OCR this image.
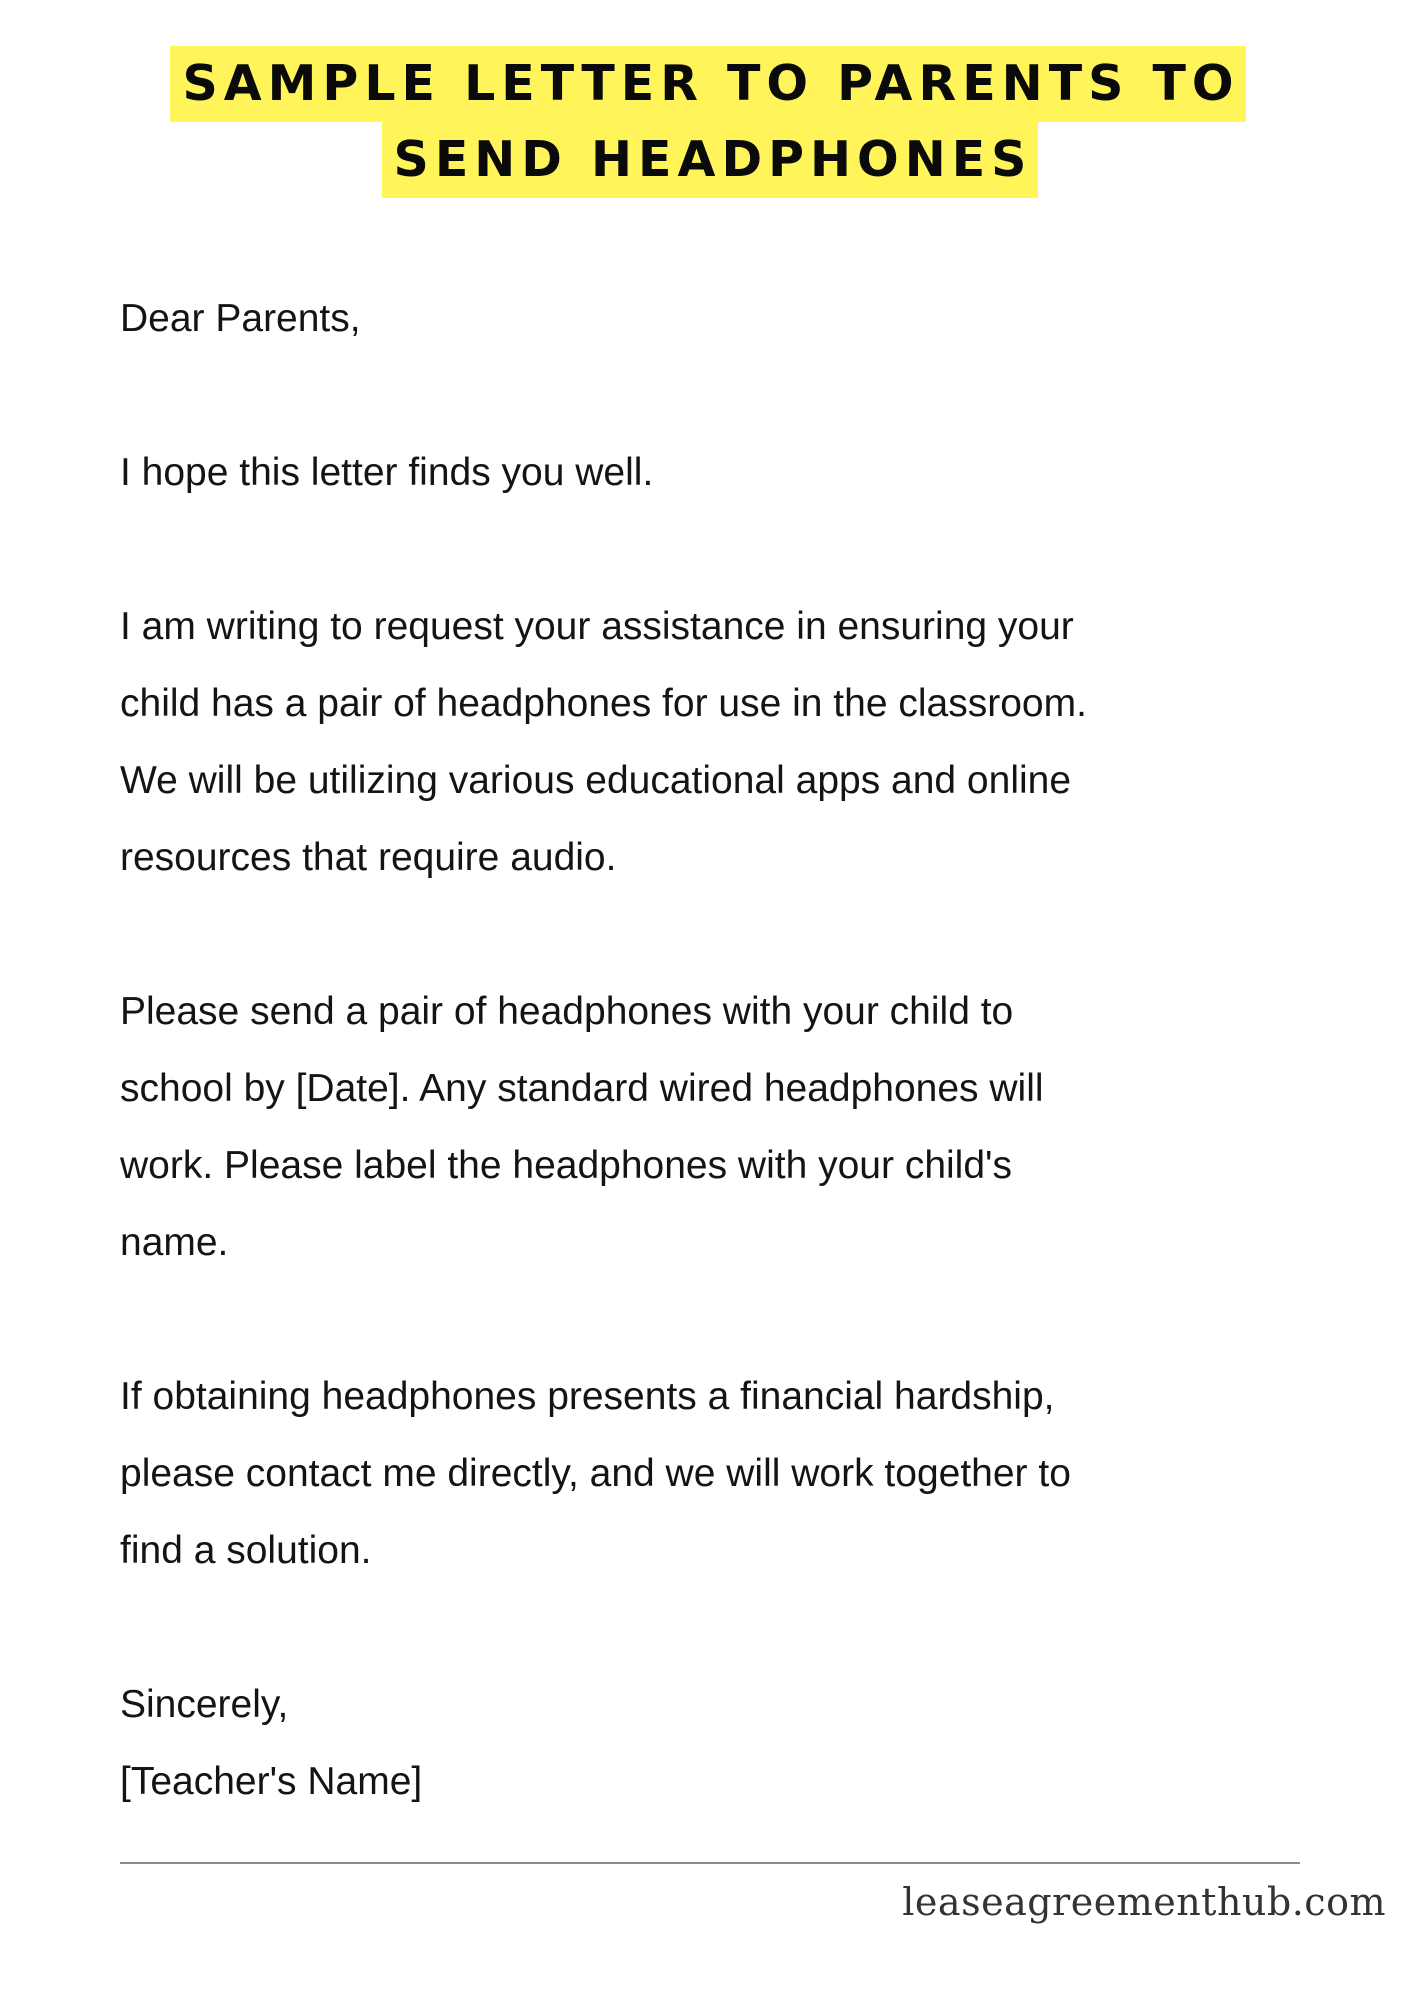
SAMPLE LETTER TO PARENTS TO
SEND HEADPHONES
Dear Parents,
I hope this letter finds you well.
I am writing to request your assistance in ensuring your
child has a pair of headphones for use in the classroom.
We will be utilizing various educational apps and online
resources that require audio.
Please send a pair of headphones with your child to
school by [Date]. Any standard wired headphones will
work. Please label the headphones with your child's
name.
If obtaining headphones presents a financial hardship,
please contact me directly, and we will work together to
find a solution.
Sincerely,
[Teacher's Name]
leaseagreementhub.com
